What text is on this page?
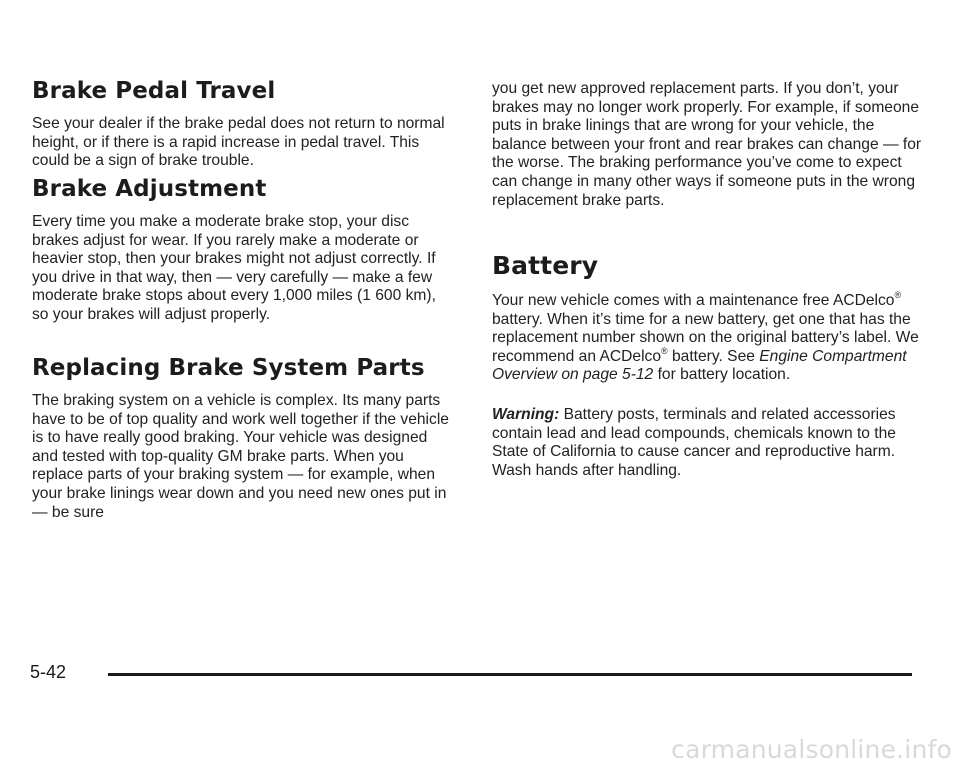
Brake Pedal Travel

See your dealer if the brake pedal does not return to normal height, or if there is a rapid increase in pedal travel. This could be a sign of brake trouble.

Brake Adjustment

Every time you make a moderate brake stop, your disc brakes adjust for wear. If you rarely make a moderate or heavier stop, then your brakes might not adjust correctly. If you drive in that way, then — very carefully — make a few moderate brake stops about every 1,000 miles (1 600 km), so your brakes will adjust properly.

Replacing Brake System Parts

The braking system on a vehicle is complex. Its many parts have to be of top quality and work well together if the vehicle is to have really good braking. Your vehicle was designed and tested with top-quality GM brake parts. When you replace parts of your braking system — for example, when your brake linings wear down and you need new ones put in — be sure

you get new approved replacement parts. If you don’t, your brakes may no longer work properly. For example, if someone puts in brake linings that are wrong for your vehicle, the balance between your front and rear brakes can change — for the worse. The braking performance you’ve come to expect can change in many other ways if someone puts in the wrong replacement brake parts.

Battery

Your new vehicle comes with a maintenance free ACDelco® battery. When it’s time for a new battery, get one that has the replacement number shown on the original battery’s label. We recommend an ACDelco® battery. See Engine Compartment Overview on page 5-12 for battery location.

Warning: Battery posts, terminals and related accessories contain lead and lead compounds, chemicals known to the State of California to cause cancer and reproductive harm. Wash hands after handling.

5-42
carmanualsonline.info
